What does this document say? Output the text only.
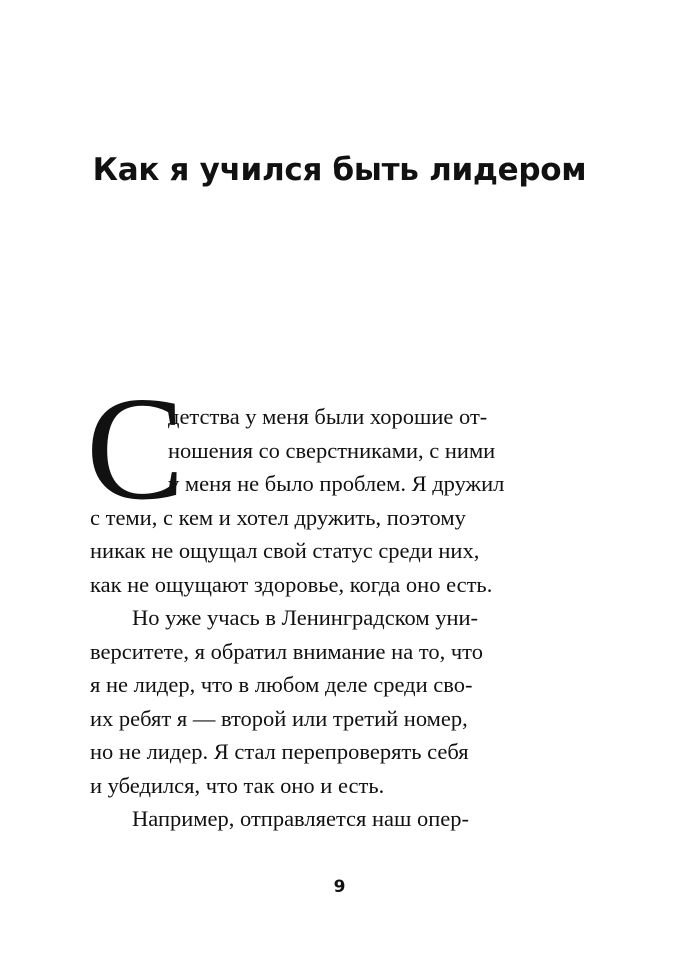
Как я учился быть лидером
С
детства у меня были хорошие от-
ношения со сверстниками, с ними
у меня не было проблем. Я дружил
с теми, с кем и хотел дружить, поэтому
никак не ощущал свой статус среди них,
как не ощущают здоровье, когда оно есть.
Но уже учась в Ленинградском уни-
верситете, я обратил внимание на то, что
я не лидер, что в любом деле среди сво-
их ребят я — второй или третий номер,
но не лидер. Я стал перепроверять себя
и убедился, что так оно и есть.
Например, отправляется наш опер-
9
